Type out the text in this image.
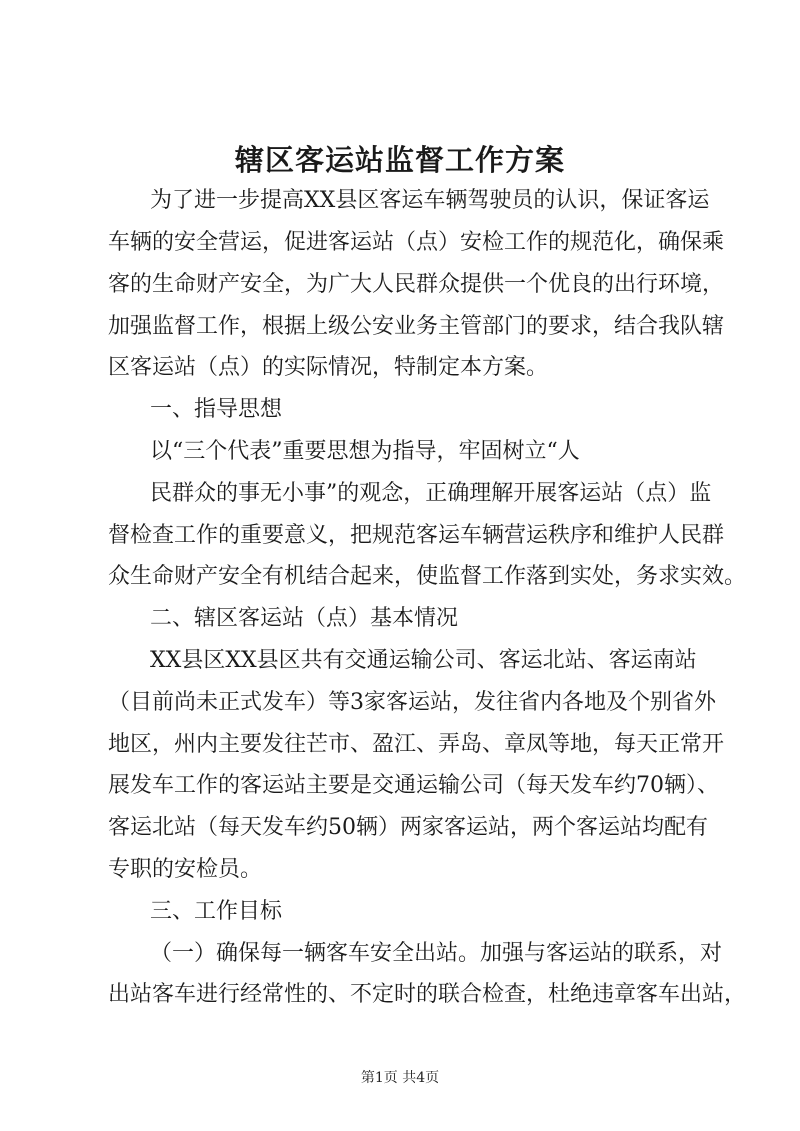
辖区客运站监督工作方案
为了进一步提高XX县区客运车辆驾驶员的认识，保证客运
车辆的安全营运，促进客运站（点）安检工作的规范化，确保乘
客的生命财产安全，为广大人民群众提供一个优良的出行环境，
加强监督工作，根据上级公安业务主管部门的要求，结合我队辖
区客运站（点）的实际情况，特制定本方案。
一、指导思想
以“三个代表”重要思想为指导，牢固树立“人
民群众的事无小事”的观念，正确理解开展客运站（点）监
督检查工作的重要意义，把规范客运车辆营运秩序和维护人民群
众生命财产安全有机结合起来，使监督工作落到实处，务求实效。
二、辖区客运站（点）基本情况
XX县区XX县区共有交通运输公司、客运北站、客运南站
（目前尚未正式发车）等3家客运站，发往省内各地及个别省外
地区，州内主要发往芒市、盈江、弄岛、章凤等地，每天正常开
展发车工作的客运站主要是交通运输公司（每天发车约70辆）、
客运北站（每天发车约50辆）两家客运站，两个客运站均配有
专职的安检员。
三、工作目标
（一）确保每一辆客车安全出站。加强与客运站的联系，对
出站客车进行经常性的、不定时的联合检查，杜绝违章客车出站，
第1页 共4页
